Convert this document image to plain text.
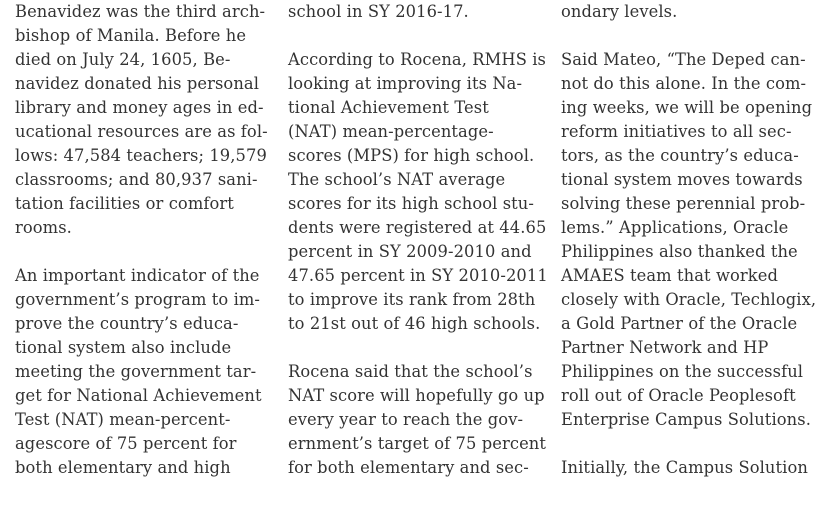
Benavidez was the third arch-
bishop of Manila. Before he
died on July 24, 1605, Be-
navidez donated his personal
library and money ages in ed-
ucational resources are as fol-
lows: 47,584 teachers; 19,579
classrooms; and 80,937 sani-
tation facilities or comfort
rooms.
An important indicator of the
government’s program to im-
prove the country’s educa-
tional system also include
meeting the government tar-
get for National Achievement
Test (NAT) mean-percent-
agescore of 75 percent for
both elementary and high
school in SY 2016-17.
According to Rocena, RMHS is
looking at improving its Na-
tional Achievement Test
(NAT) mean-percentage-
scores (MPS) for high school.
The school’s NAT average
scores for its high school stu-
dents were registered at 44.65
percent in SY 2009-2010 and
47.65 percent in SY 2010-2011
to improve its rank from 28th
to 21st out of 46 high schools.
Rocena said that the school’s
NAT score will hopefully go up
every year to reach the gov-
ernment’s target of 75 percent
for both elementary and sec-
ondary levels.
Said Mateo, “The Deped can-
not do this alone. In the com-
ing weeks, we will be opening
reform initiatives to all sec-
tors, as the country’s educa-
tional system moves towards
solving these perennial prob-
lems.” Applications, Oracle
Philippines also thanked the
AMAES team that worked
closely with Oracle, Techlogix,
a Gold Partner of the Oracle
Partner Network and HP
Philippines on the successful
roll out of Oracle Peoplesoft
Enterprise Campus Solutions.
Initially, the Campus Solution
